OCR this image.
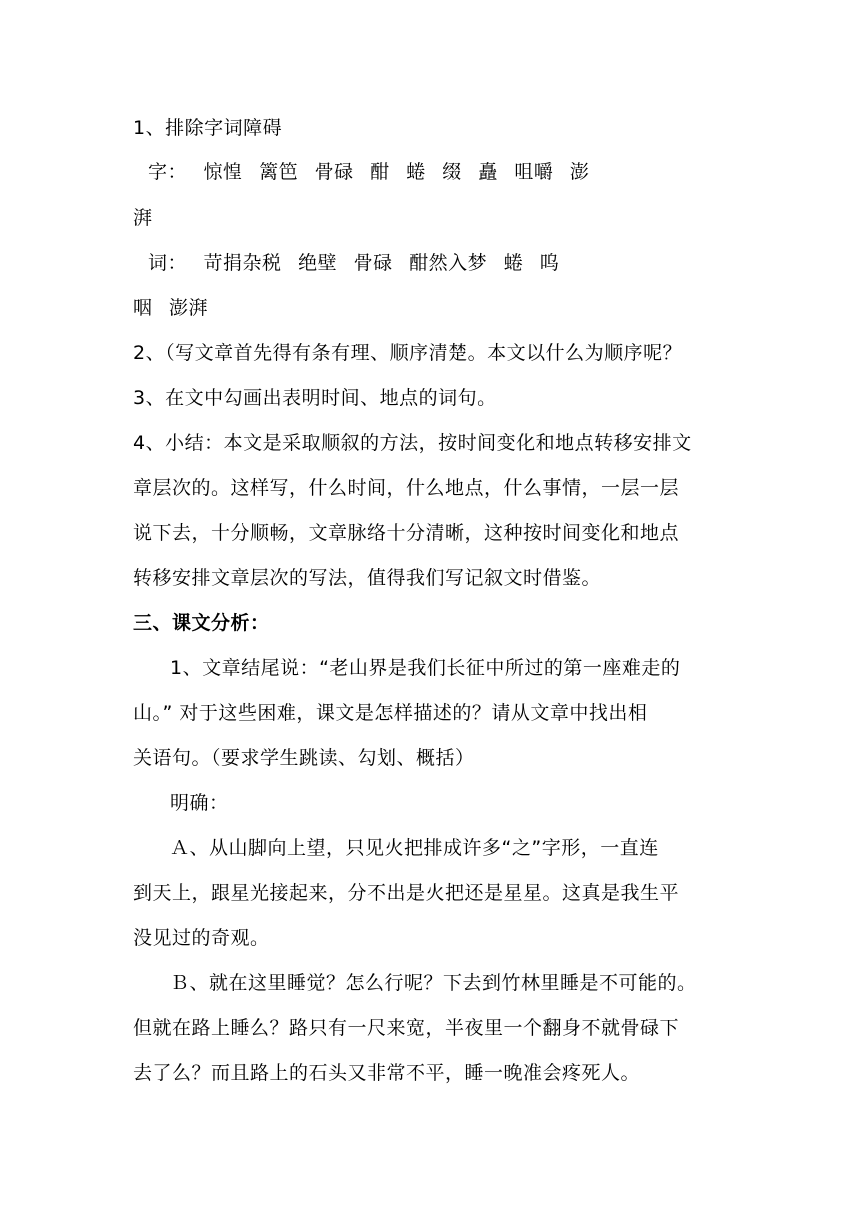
1、排除字词障碍
字： 惊惶 篱笆 骨碌 酣 蜷 缀 矗 咀嚼 澎
湃
词： 苛捐杂税 绝壁 骨碌 酣然入梦 蜷 呜
咽 澎湃
2、（写文章首先得有条有理、顺序清楚。本文以什么为顺序呢？
3、在文中勾画出表明时间、地点的词句。
4、小结：本文是采取顺叙的方法，按时间变化和地点转移安排文
章层次的。这样写，什么时间，什么地点，什么事情，一层一层
说下去，十分顺畅，文章脉络十分清晰，这种按时间变化和地点
转移安排文章层次的写法，值得我们写记叙文时借鉴。
三、课文分析：
1、文章结尾说：“老山界是我们长征中所过的第一座难走的
山。” 对于这些困难，课文是怎样描述的？请从文章中找出相
关语句。（要求学生跳读、勾划、概括）
明确：
Ａ、从山脚向上望，只见火把排成许多“之”字形，一直连
到天上，跟星光接起来，分不出是火把还是星星。这真是我生平
没见过的奇观。
Ｂ、就在这里睡觉？怎么行呢？下去到竹林里睡是不可能的。
但就在路上睡么？路只有一尺来宽，半夜里一个翻身不就骨碌下
去了么？而且路上的石头又非常不平，睡一晚准会疼死人。
